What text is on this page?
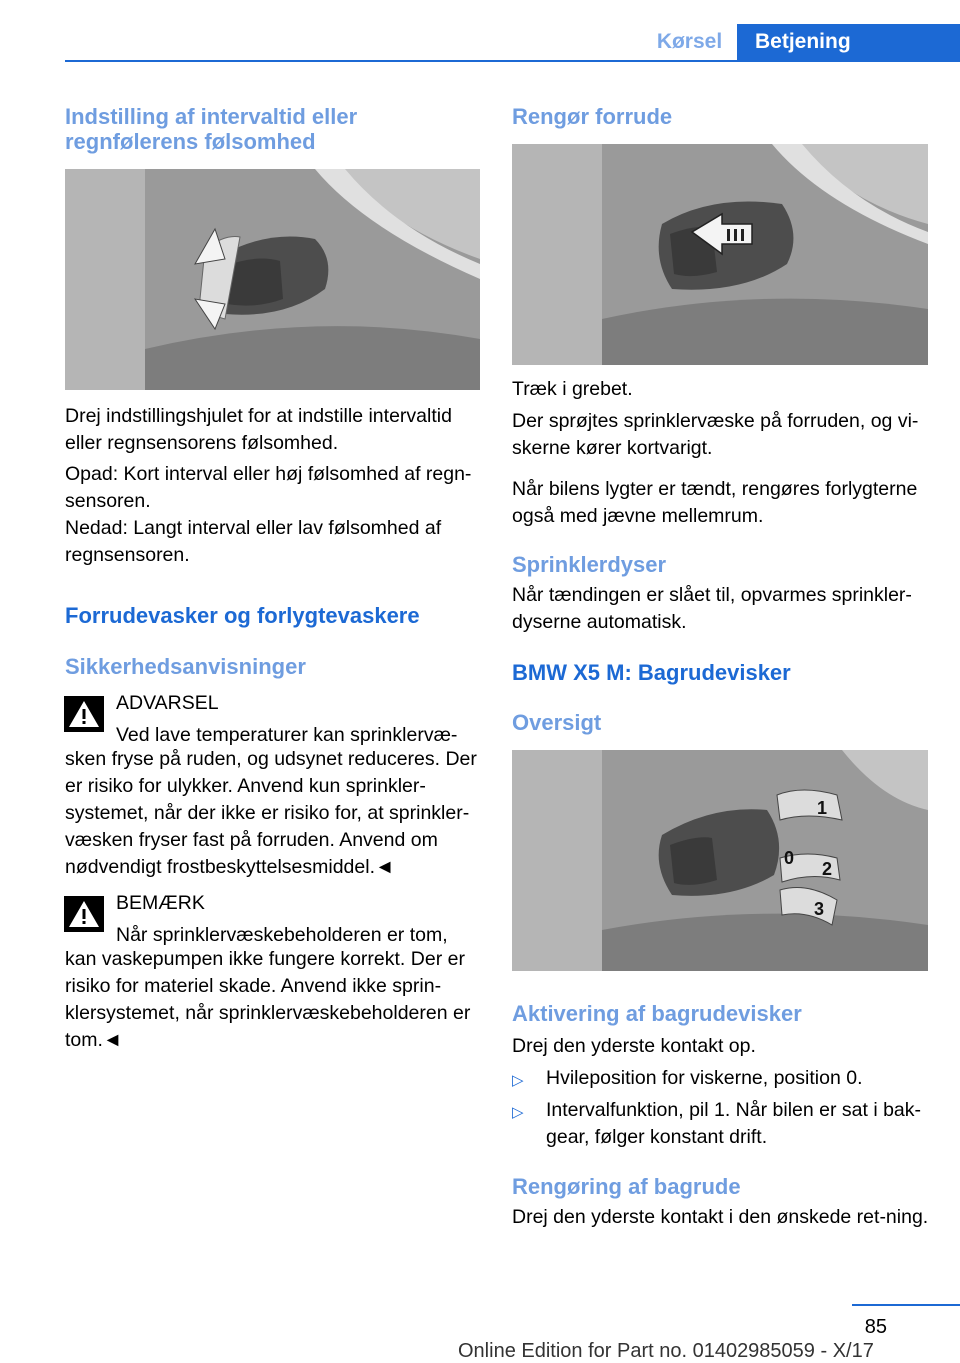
Kørsel	Betjening
Indstilling af intervaltid eller regnfølerens følsomhed

Drej indstillingshjulet for at indstille intervaltid eller regnsensorens følsomhed.

Opad: Kort interval eller høj følsomhed af regn‐sensoren.

Nedad: Langt interval eller lav følsomhed af regnsensoren.

Forrudevasker og forlygtevaskere
Sikkerhedsanvisninger

ADVARSEL

Ved lave temperaturer kan sprinklervæ‐

sken fryse på ruden, og udsynet reduceres. Der er risiko for ulykker. Anvend kun sprinkler‐systemet, når der ikke er risiko for, at sprinkler‐væsken fryser fast på forruden. Anvend om nødvendigt frostbeskyttelsesmiddel.◄

BEMÆRK

Når sprinklervæskebeholderen er tom,

kan vaskepumpen ikke fungere korrekt. Der er risiko for materiel skade. Anvend ikke sprin‐klersystemet, når sprinklervæskebeholderen er tom.◄

Rengør forrude

Træk i grebet.

Der sprøjtes sprinklervæske på forruden, og vi‐skerne kører kortvarigt.

Når bilens lygter er tændt, rengøres forlygterne også med jævne mellemrum.

Sprinklerdyser

Når tændingen er slået til, opvarmes sprinkler‐dyserne automatisk.

BMW X5 M: Bagrudevisker
Oversigt
1
0
2
3
Aktivering af bagrudevisker

Drej den yderste kontakt op.

▷ Hvileposition for viskerne, position 0.

▷ Intervalfunktion, pil 1. Når bilen er sat i bak‐gear, følger konstant drift.

Rengøring af bagrude

Drej den yderste kontakt i den ønskede ret‐ning.

85
Online Edition for Part no. 01402985059 - X/17
